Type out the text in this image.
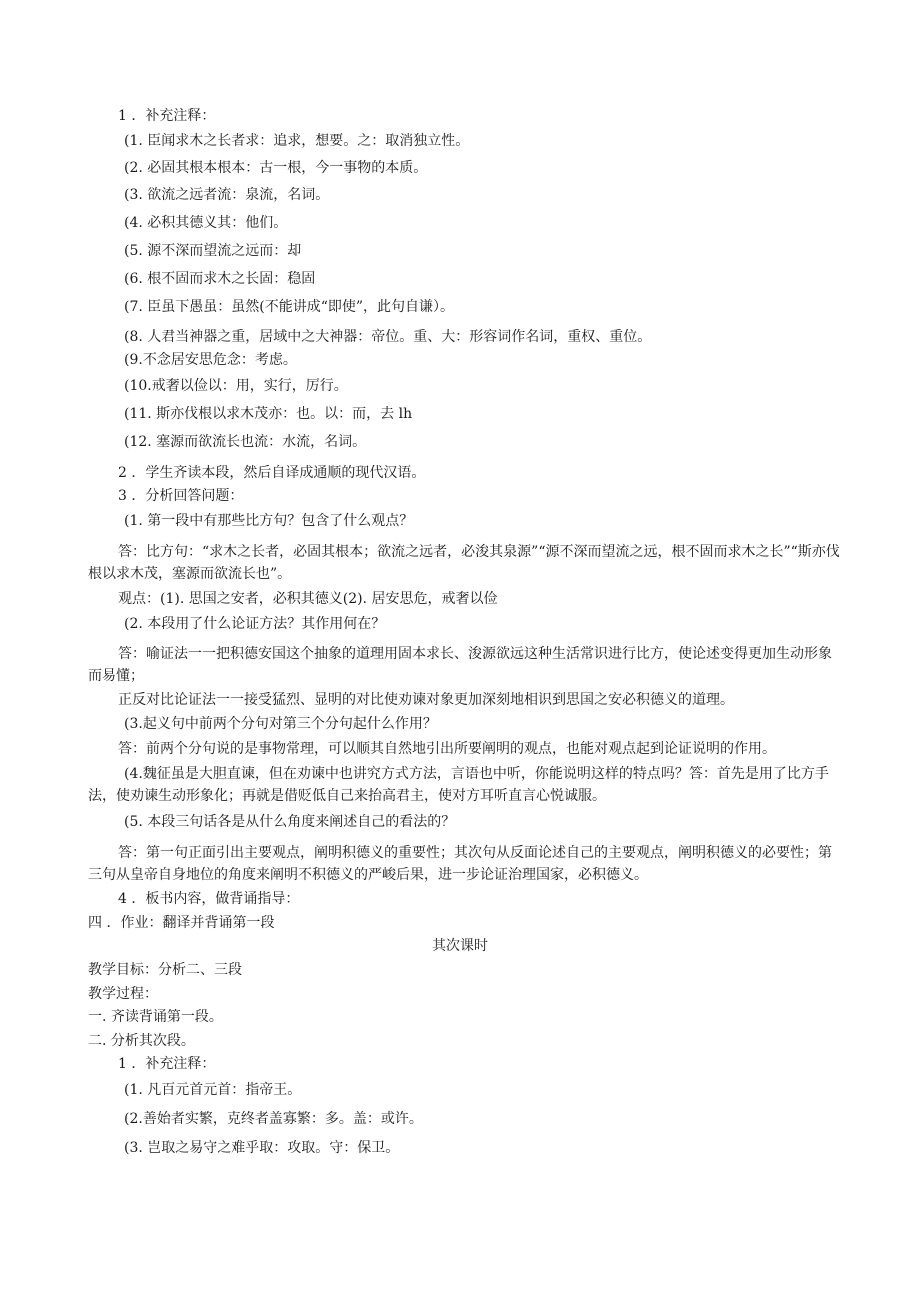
1 ．补充注释：
(1. 臣闻求木之长者求：追求，想要。之：取消独立性。
(2. 必固其根本根本：古一根，今一事物的本质。
(3. 欲流之远者流：泉流，名词。
(4. 必积其德义其：他们。
(5. 源不深而望流之远而：却
(6. 根不固而求木之长固：稳固
(7. 臣虽下愚虽：虽然(不能讲成“即使”，此句自谦）。
(8. 人君当神器之重，居域中之大神器：帝位。重、大：形容词作名词，重权、重位。
(9.不念居安思危念：考虑。
(10.戒奢以俭以：用，实行，厉行。
(11. 斯亦伐根以求木茂亦：也。以：而，去 lh
(12. 塞源而欲流长也流：水流，名词。
2 ．学生齐读本段，然后自译成通顺的现代汉语。
3 ．分析回答问题：
(1. 第一段中有那些比方句？包含了什么观点？
答：比方句：“求木之长者，必固其根本；欲流之远者，必浚其泉源”“源不深而望流之远，根不固而求木之长”“斯亦伐根以求木茂，塞源而欲流长也”。
观点：(1). 思国之安者，必积其德义(2). 居安思危，戒奢以俭
(2. 本段用了什么论证方法？其作用何在？
答：喻证法一一把积德安国这个抽象的道理用固本求长、浚源欲远这种生活常识进行比方，使论述变得更加生动形象而易懂；
正反对比论证法一一接受猛烈、显明的对比使劝谏对象更加深刻地相识到思国之安必积德义的道理。
(3.起义句中前两个分句对第三个分句起什么作用？
答：前两个分句说的是事物常理，可以顺其自然地引出所要阐明的观点，也能对观点起到论证说明的作用。
(4.魏征虽是大胆直谏，但在劝谏中也讲究方式方法，言语也中听，你能说明这样的特点吗？答：首先是用了比方手法，使劝谏生动形象化；再就是借贬低自己来抬高君主，使对方耳听直言心悦诚服。
(5. 本段三句话各是从什么角度来阐述自己的看法的？
答：第一句正面引出主要观点，阐明积德义的重要性；其次句从反面论述自己的主要观点，阐明积德义的必要性；第三句从皇帝自身地位的角度来阐明不积德义的严峻后果，进一步论证治理国家，必积德义。
4 ．板书内容，做背诵指导：
四 ．作业：翻译并背诵第一段
其次课时
教学目标：分析二、三段
教学过程：
一. 齐读背诵第一段。
二. 分析其次段。
1 ．补充注释：
(1. 凡百元首元首：指帝王。
(2.善始者实繁，克终者盖寡繁：多。盖：或许。
(3. 岂取之易守之难乎取：攻取。守：保卫。
